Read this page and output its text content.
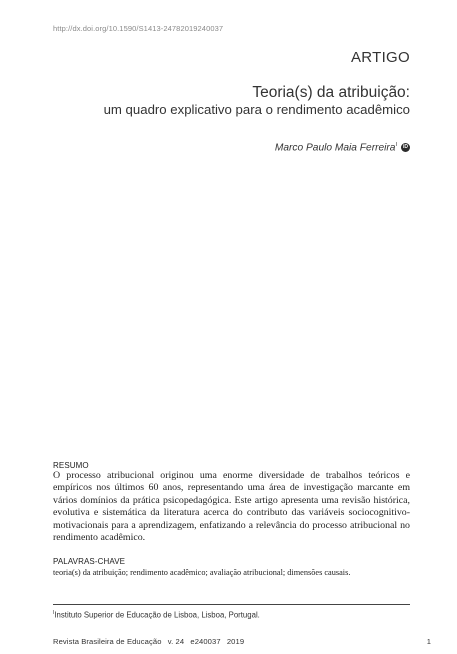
http://dx.doi.org/10.1590/S1413-24782019240037
ARTIGO
Teoria(s) da atribuição:
um quadro explicativo para o rendimento acadêmico
Marco Paulo Maia Ferreira$^I$	iD
RESUMO

O processo atribucional originou uma enorme diversidade de trabalhos teóricos e empíricos nos últimos 60 anos, representando uma área de investigação marcante em vários domínios da prática psicopedagógica. Este artigo apresenta uma revisão histórica, evolutiva e sistemática da literatura acerca do contributo das variáveis sociocognitivo-motivacionais para a aprendizagem, enfatizando a relevância do processo atribucional no rendimento acadêmico.

PALAVRAS-CHAVE

teoria(s) da atribuição; rendimento acadêmico; avaliação atribucional; dimensões causais.

$^I$Instituto Superior de Educação de Lisboa, Lisboa, Portugal.
Revista Brasileira de Educação v. 24 e240037 2019	1
